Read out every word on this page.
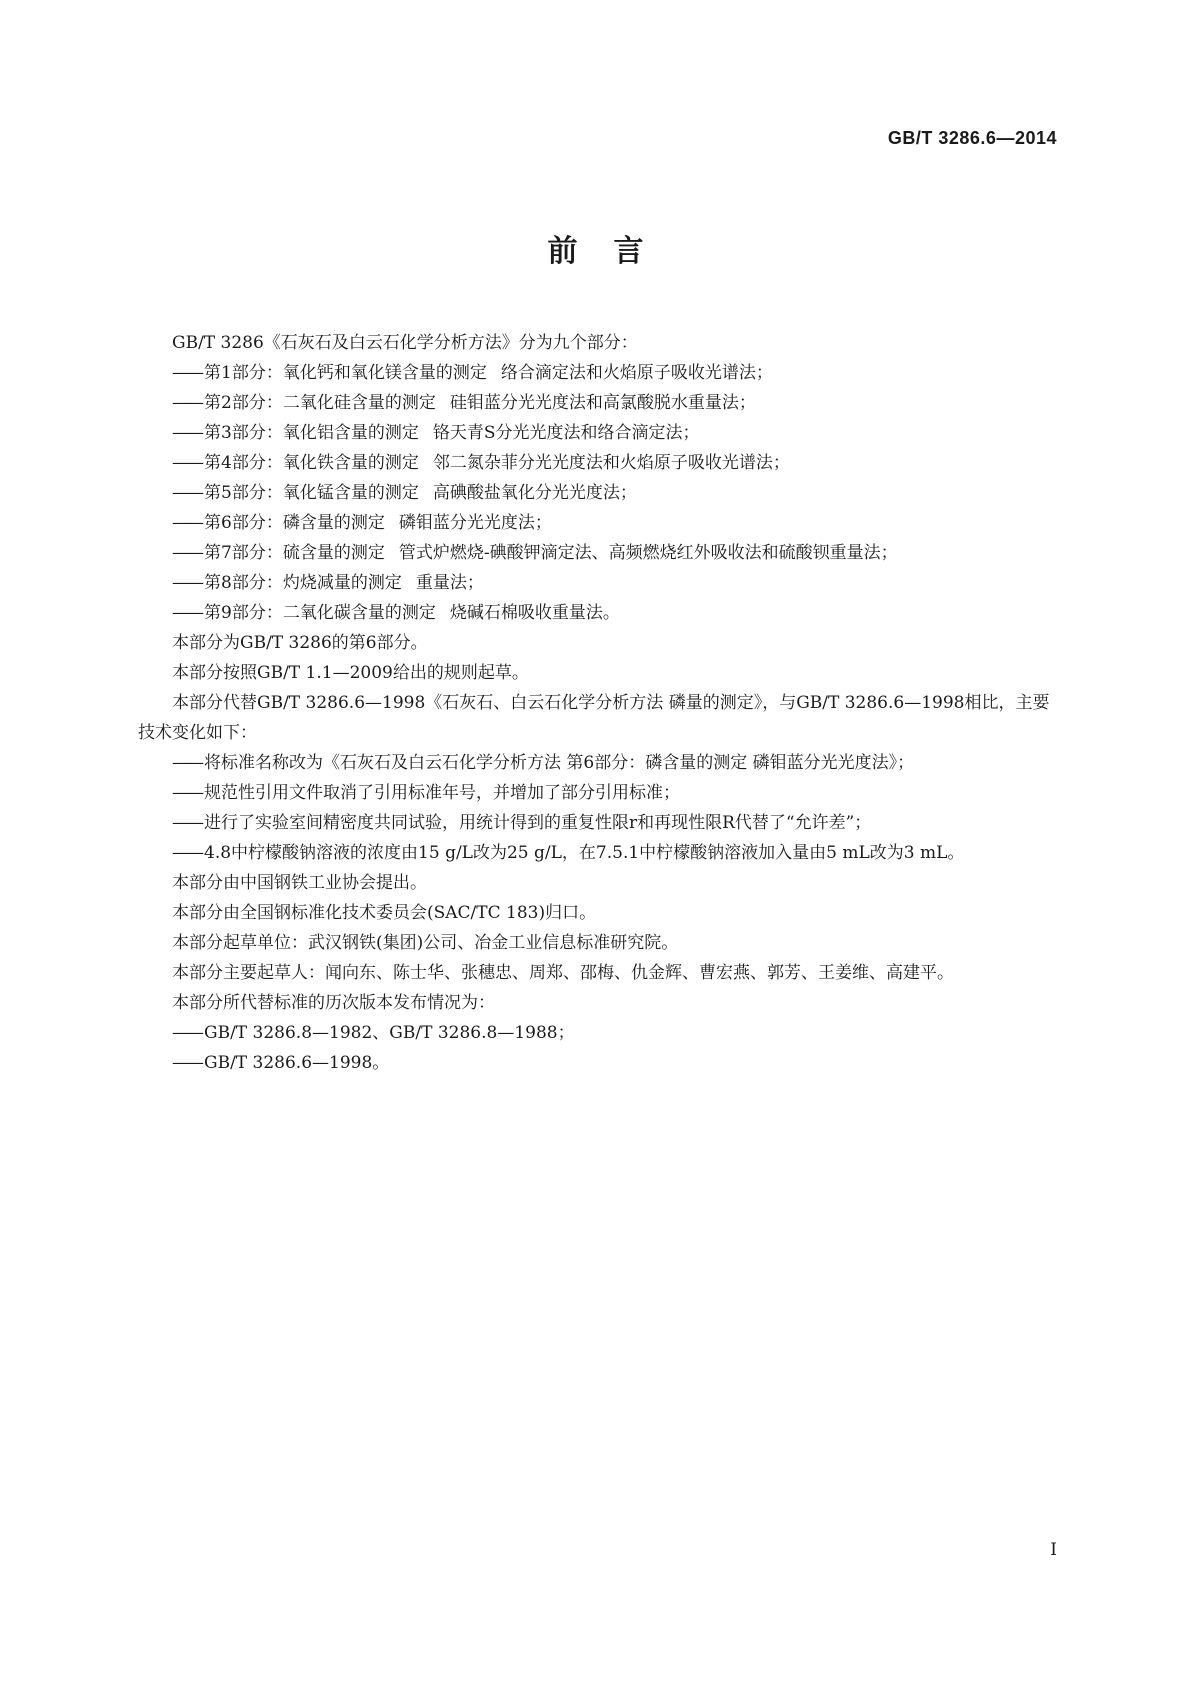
GB/T 3286.6—2014
前言

GB/T 3286《石灰石及白云石化学分析方法》分为九个部分：

—— 第1部分：氧化钙和氧化镁含量的测定 络合滴定法和火焰原子吸收光谱法；

—— 第2部分：二氧化硅含量的测定 硅钼蓝分光光度法和高氯酸脱水重量法；

—— 第3部分：氧化铝含量的测定 铬天青S分光光度法和络合滴定法；

—— 第4部分：氧化铁含量的测定 邻二氮杂菲分光光度法和火焰原子吸收光谱法；

—— 第5部分：氧化锰含量的测定 高碘酸盐氧化分光光度法；

—— 第6部分：磷含量的测定 磷钼蓝分光光度法；

—— 第7部分：硫含量的测定 管式炉燃烧-碘酸钾滴定法、高频燃烧红外吸收法和硫酸钡重量法；

—— 第8部分：灼烧减量的测定 重量法；

—— 第9部分：二氧化碳含量的测定 烧碱石棉吸收重量法。

本部分为GB/T 3286的第6部分。

本部分按照GB/T 1.1—2009给出的规则起草。

本部分代替GB/T 3286.6—1998《石灰石、白云石化学分析方法 磷量的测定》，与GB/T 3286.6—1998相比，主要技术变化如下：

—— 将标准名称改为《石灰石及白云石化学分析方法 第6部分：磷含量的测定 磷钼蓝分光光度法》；

—— 规范性引用文件取消了引用标准年号，并增加了部分引用标准；

—— 进行了实验室间精密度共同试验，用统计得到的重复性限r和再现性限R代替了“允许差”；

—— 4.8中柠檬酸钠溶液的浓度由15 g/L改为25 g/L，在7.5.1中柠檬酸钠溶液加入量由5 mL改为3 mL。

本部分由中国钢铁工业协会提出。

本部分由全国钢标准化技术委员会(SAC/TC 183)归口。

本部分起草单位：武汉钢铁(集团)公司、冶金工业信息标准研究院。

本部分主要起草人：闻向东、陈士华、张穗忠、周郑、邵梅、仇金辉、曹宏燕、郭芳、王姜维、高建平。

本部分所代替标准的历次版本发布情况为：

—— GB/T 3286.8—1982、GB/T 3286.8—1988；

—— GB/T 3286.6—1998。

I
